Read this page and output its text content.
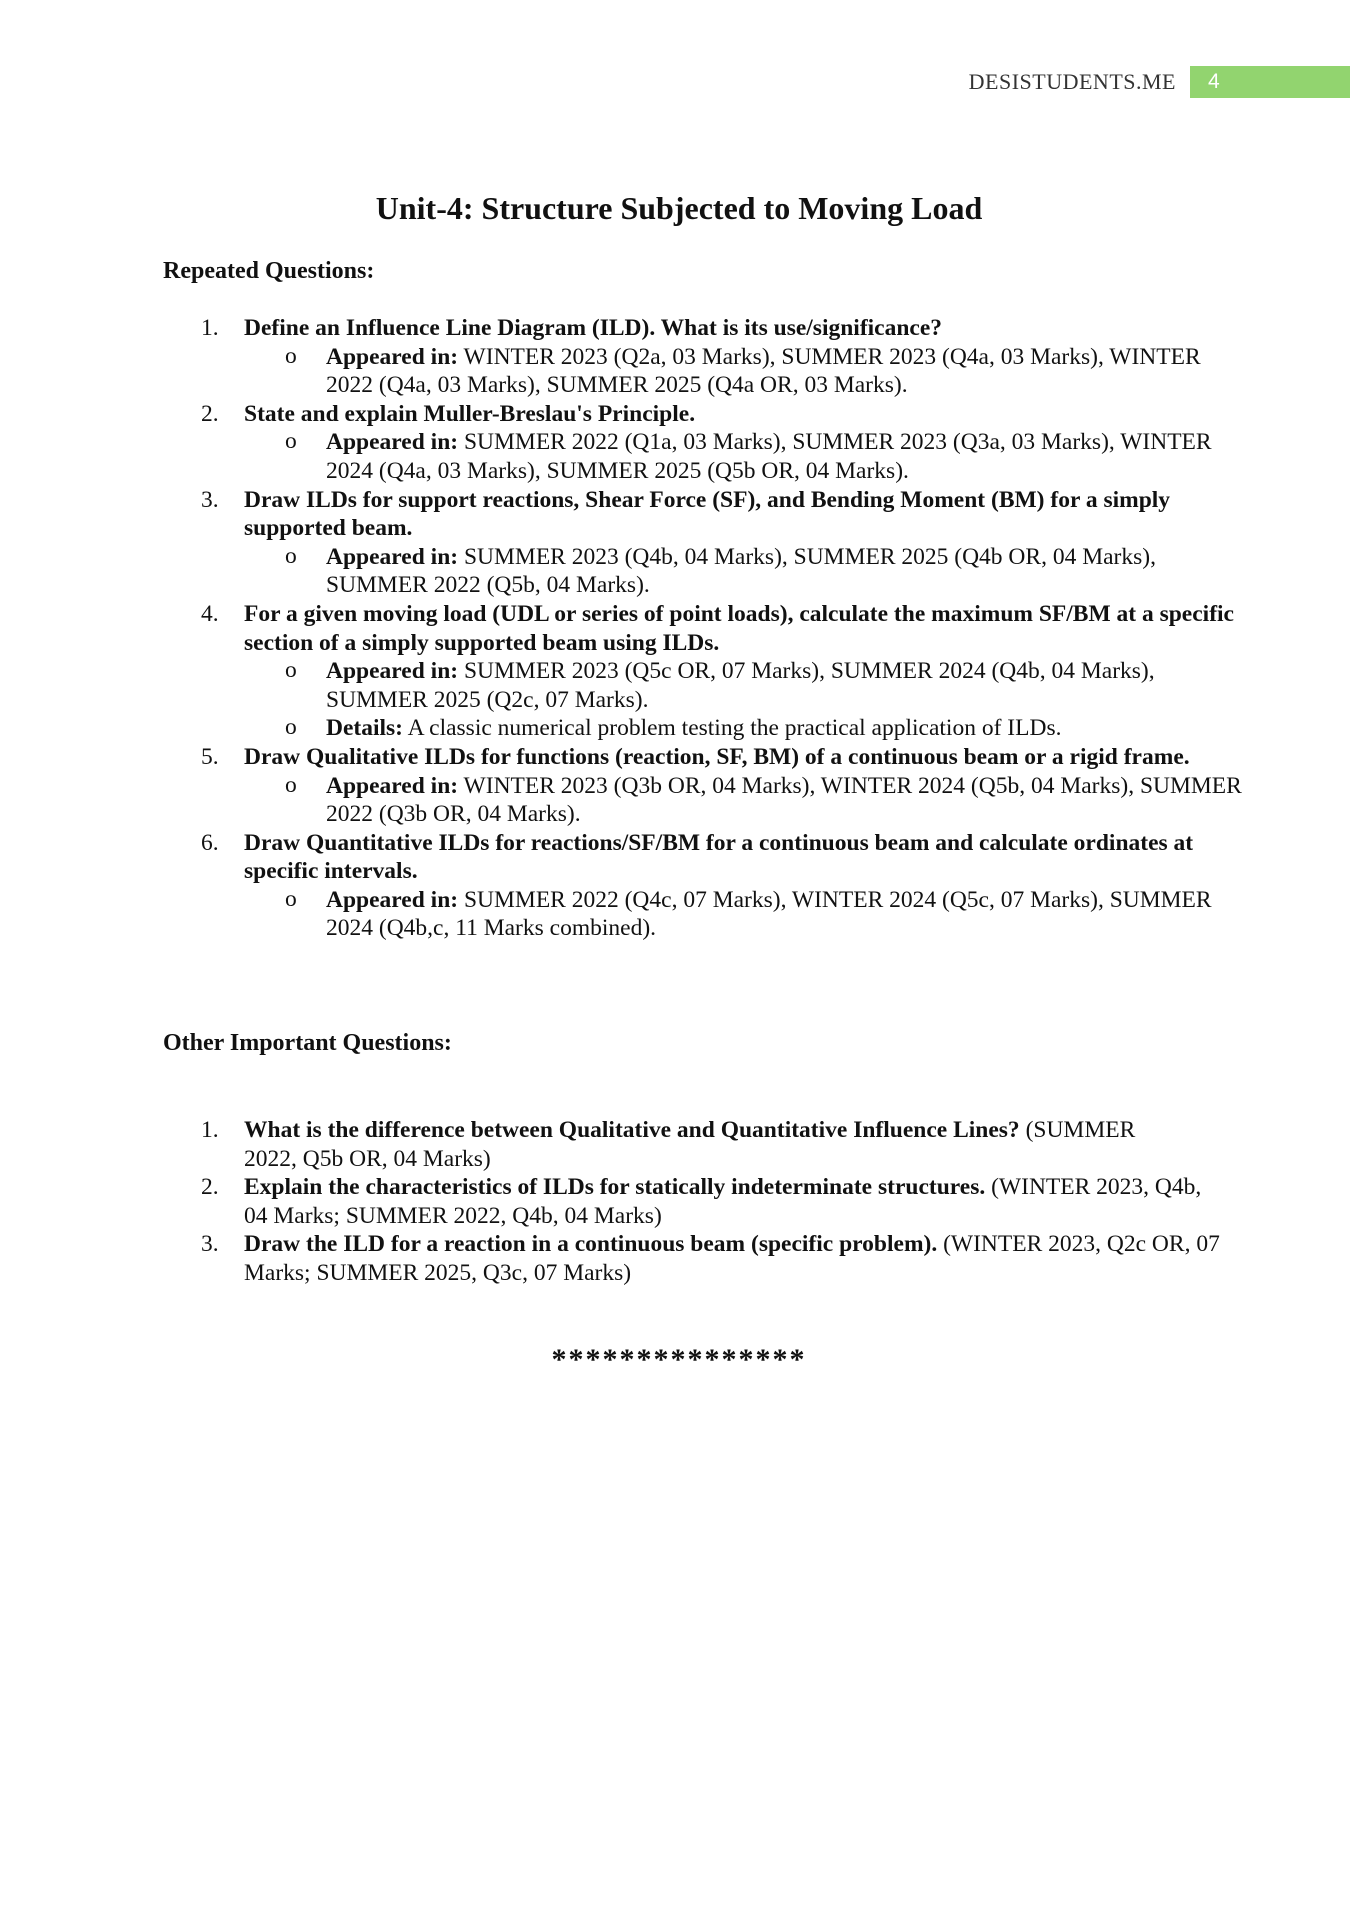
DESISTUDENTS.ME	4
Unit-4: Structure Subjected to Moving Load
Repeated Questions:
1. Define an Influence Line Diagram (ILD). What is its use/significance?
o Appeared in: WINTER 2023 (Q2a, 03 Marks), SUMMER 2023 (Q4a, 03 Marks), WINTER 2022 (Q4a, 03 Marks), SUMMER 2025 (Q4a OR, 03 Marks).
2. State and explain Muller-Breslau's Principle.
o Appeared in: SUMMER 2022 (Q1a, 03 Marks), SUMMER 2023 (Q3a, 03 Marks), WINTER 2024 (Q4a, 03 Marks), SUMMER 2025 (Q5b OR, 04 Marks).
3. Draw ILDs for support reactions, Shear Force (SF), and Bending Moment (BM) for a simply supported beam.
o Appeared in: SUMMER 2023 (Q4b, 04 Marks), SUMMER 2025 (Q4b OR, 04 Marks), SUMMER 2022 (Q5b, 04 Marks).
4. For a given moving load (UDL or series of point loads), calculate the maximum SF/BM at a specific section of a simply supported beam using ILDs.
o Appeared in: SUMMER 2023 (Q5c OR, 07 Marks), SUMMER 2024 (Q4b, 04 Marks), SUMMER 2025 (Q2c, 07 Marks).
o Details: A classic numerical problem testing the practical application of ILDs.
5. Draw Qualitative ILDs for functions (reaction, SF, BM) of a continuous beam or a rigid frame.
o Appeared in: WINTER 2023 (Q3b OR, 04 Marks), WINTER 2024 (Q5b, 04 Marks), SUMMER 2022 (Q3b OR, 04 Marks).
6. Draw Quantitative ILDs for reactions/SF/BM for a continuous beam and calculate ordinates at specific intervals.
o Appeared in: SUMMER 2022 (Q4c, 07 Marks), WINTER 2024 (Q5c, 07 Marks), SUMMER 2024 (Q4b,c, 11 Marks combined).
Other Important Questions:
1. What is the difference between Qualitative and Quantitative Influence Lines? (SUMMER 2022, Q5b OR, 04 Marks)
2. Explain the characteristics of ILDs for statically indeterminate structures. (WINTER 2023, Q4b, 04 Marks; SUMMER 2022, Q4b, 04 Marks)
3. Draw the ILD for a reaction in a continuous beam (specific problem). (WINTER 2023, Q2c OR, 07 Marks; SUMMER 2025, Q3c, 07 Marks)
***************
